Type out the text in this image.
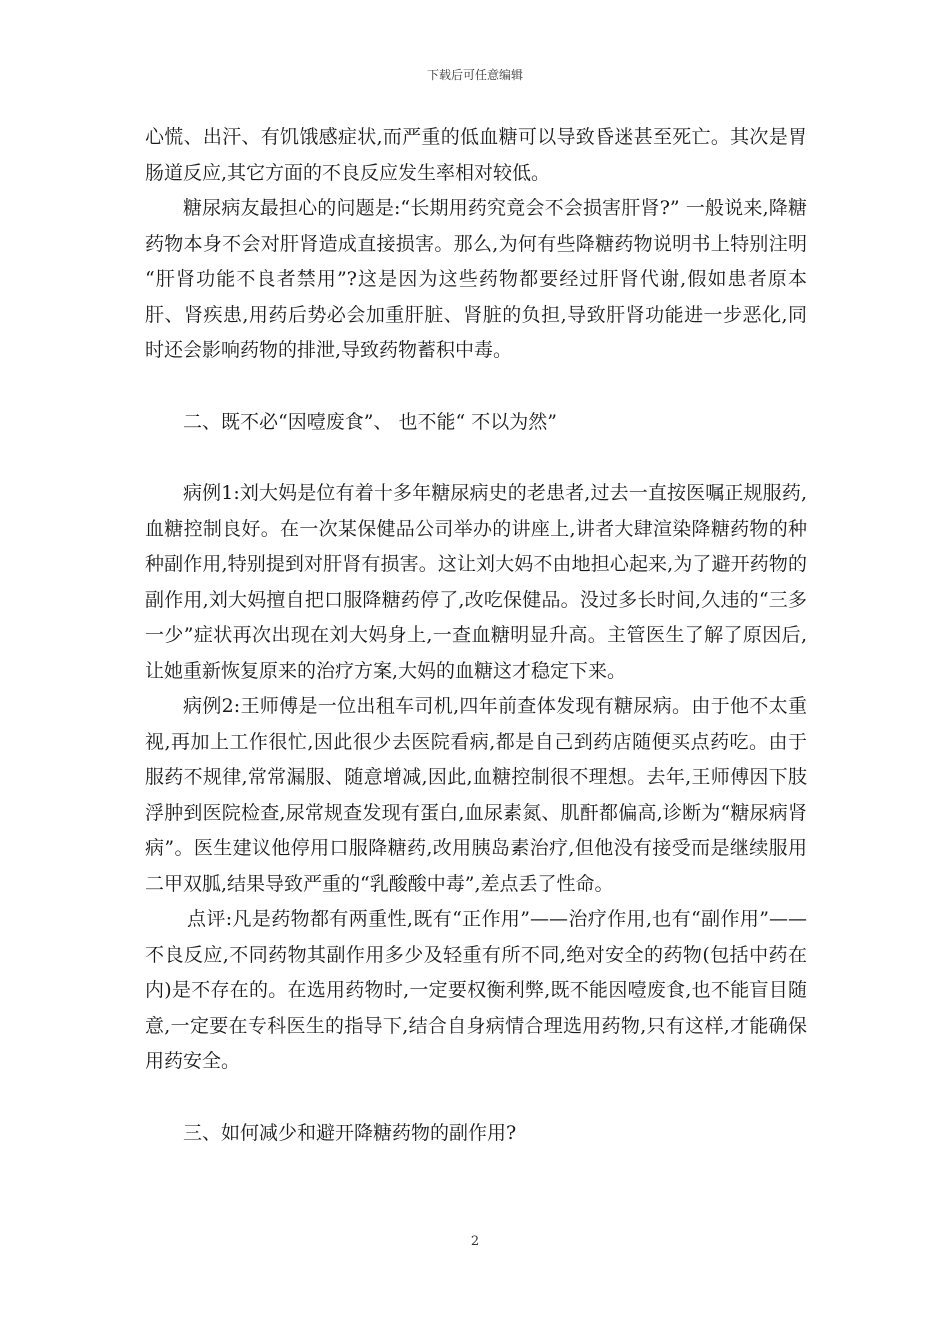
下载后可任意编辑

心慌、出汗、有饥饿感症状,而严重的低血糖可以导致昏迷甚至死亡。其次是胃肠道反应,其它方面的不良反应发生率相对较低。

糖尿病友最担心的问题是:“长期用药究竟会不会损害肝肾?” 一般说来,降糖药物本身不会对肝肾造成直接损害。那么,为何有些降糖药物说明书上特别注明 “肝肾功能不良者禁用”?这是因为这些药物都要经过肝肾代谢,假如患者原本肝、肾疾患,用药后势必会加重肝脏、肾脏的负担,导致肝肾功能进一步恶化,同时还会影响药物的排泄,导致药物蓄积中毒。

二、既不必“因噎废食”、 也不能“ 不以为然”

病例1:刘大妈是位有着十多年糖尿病史的老患者,过去一直按医嘱正规服药,血糖控制良好。在一次某保健品公司举办的讲座上,讲者大肆渲染降糖药物的种种副作用,特别提到对肝肾有损害。这让刘大妈不由地担心起来,为了避开药物的副作用,刘大妈擅自把口服降糖药停了,改吃保健品。没过多长时间,久违的“三多一少”症状再次出现在刘大妈身上,一查血糖明显升高。主管医生了解了原因后,让她重新恢复原来的治疗方案,大妈的血糖这才稳定下来。

病例2:王师傅是一位出租车司机,四年前查体发现有糖尿病。由于他不太重视,再加上工作很忙,因此很少去医院看病,都是自己到药店随便买点药吃。由于服药不规律,常常漏服、随意增减,因此,血糖控制很不理想。去年,王师傅因下肢浮肿到医院检查,尿常规查发现有蛋白,血尿素氮、肌酐都偏高,诊断为“糖尿病肾病”。医生建议他停用口服降糖药,改用胰岛素治疗,但他没有接受而是继续服用二甲双胍,结果导致严重的“乳酸酸中毒”,差点丢了性命。

点评:凡是药物都有两重性,既有“正作用”——治疗作用,也有“副作用”——不良反应,不同药物其副作用多少及轻重有所不同,绝对安全的药物(包括中药在内)是不存在的。在选用药物时,一定要权衡利弊,既不能因噎废食,也不能盲目随意,一定要在专科医生的指导下,结合自身病情合理选用药物,只有这样,才能确保用药安全。

三、如何减少和避开降糖药物的副作用?

2
